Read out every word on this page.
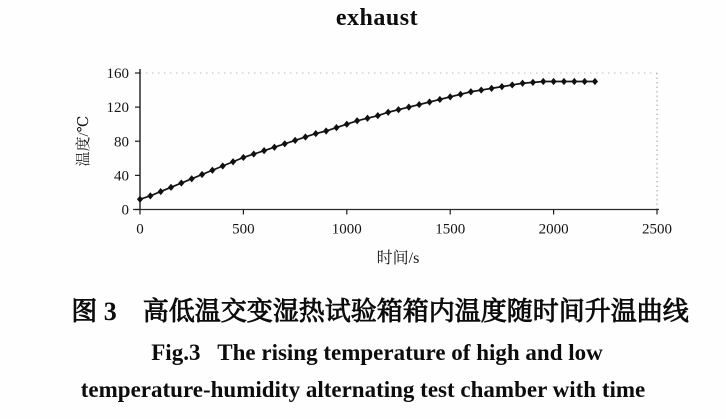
exhaust
0
40
80
120
160
0	500	1000	1500	2000	2500
温度/℃
时间/s
图 3　高低温交变湿热试验箱箱内温度随时间升温曲线
Fig.3   The rising temperature of high and low
temperature-humidity alternating test chamber with time
